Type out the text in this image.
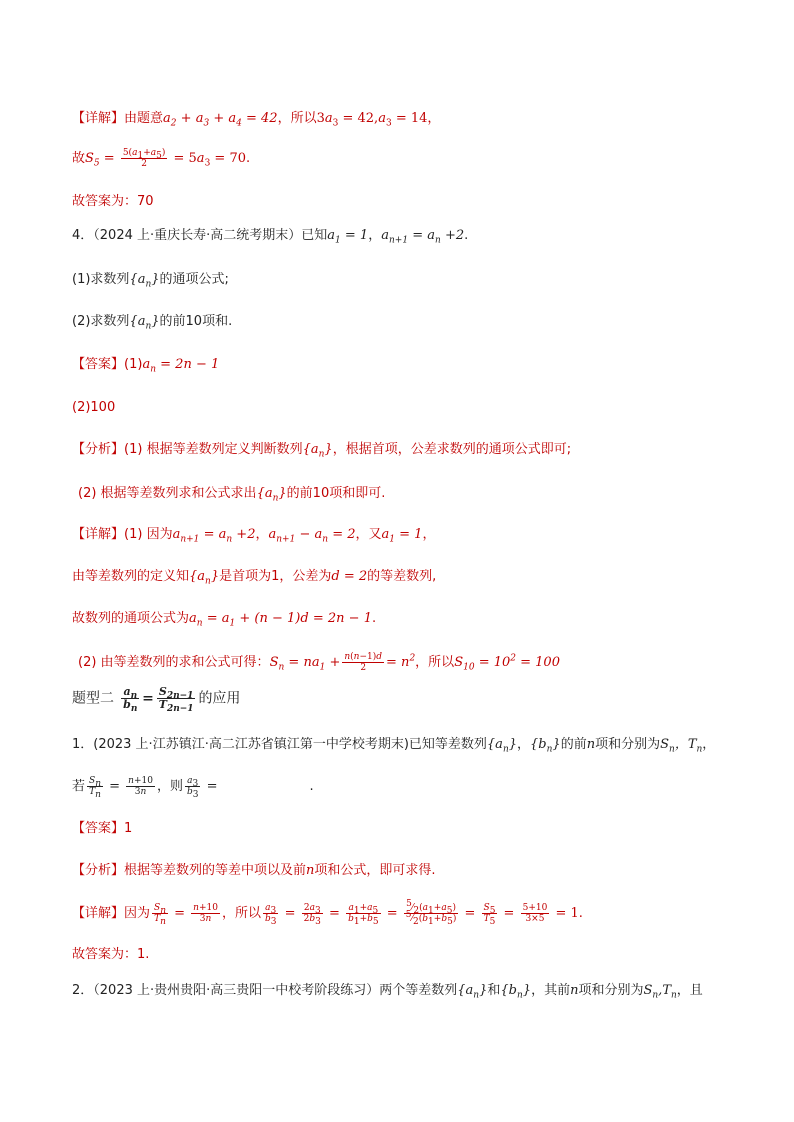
【详解】由题意$a_2 + a_3 + a_4 = 42$，所以$3a_3 = 42,a_3 = 14$，
故$S_5 = \frac{5(a_1+a_5)}{2} = 5a_3 = 70$.
故答案为：70
4．（2024 上·重庆长寿·高二统考期末）已知$a_1 = 1$，$a_{n+1} = a_n +2$.
(1)求数列$\{a_n\}$的通项公式;
(2)求数列$\{a_n\}$的前10项和.
【答案】$(1)a_n = 2n - 1$
(2)100
【分析】(1) 根据等差数列定义判断数列$\{a_n\}$，根据首项，公差求数列的通项公式即可;
(2) 根据等差数列求和公式求出$\{a_n\}$的前10项和即可.
【详解】(1) 因为$a_{n+1} = a_n +2$，$a_{n+1} - a_n = 2$，又$a_1 = 1$，
由等差数列的定义知$\{a_n\}$是首项为1，公差为d = 2的等差数列,
故数列的通项公式为$a_n = a_1 + (n - 1)d = 2n - 1$.
(2) 由等差数列的求和公式可得：$S_n = na_1 + \frac{n(n-1)d}{2} = n^2$，所以$S_{10} = 10^2 = 100$
题型二 $\frac{a_n}{b_n} = \frac{S_{2n-1}}{T_{2n-1}}$ 的应用
1．(2023 上·江苏镇江·高二江苏省镇江第一中学校考期末)已知等差数列$\{a_n\}$，$\{b_n\}$的前n项和分别为$S_n$，$T_n$，
若 $\frac{S_n}{T_n} = \frac{n+10}{3n}$ ，则 $\frac{a_3}{b_3}$ =	.
【答案】1
【分析】根据等差数列的等差中项以及前n项和公式，即可求得.
【详解】因为 $\frac{S_n}{T_n} = \frac{n+10}{3n}$ ，所以 $\frac{a_3}{b_3} = \frac{2a_3}{2b_3} = \frac{a_1+a_5}{b_1+b_5} = \frac{^5⁄_2(a_1+a_5)}{^5⁄_2(b_1+b_5)} = \frac{S_5}{T_5} = \frac{5+10}{3\times 5} = 1$.
故答案为：1.
2．（2023 上·贵州贵阳·高三贵阳一中校考阶段练习）两个等差数列$\{a_n\}$和$\{b_n\}$，其前n项和分别为$S_n,T_n$，且
